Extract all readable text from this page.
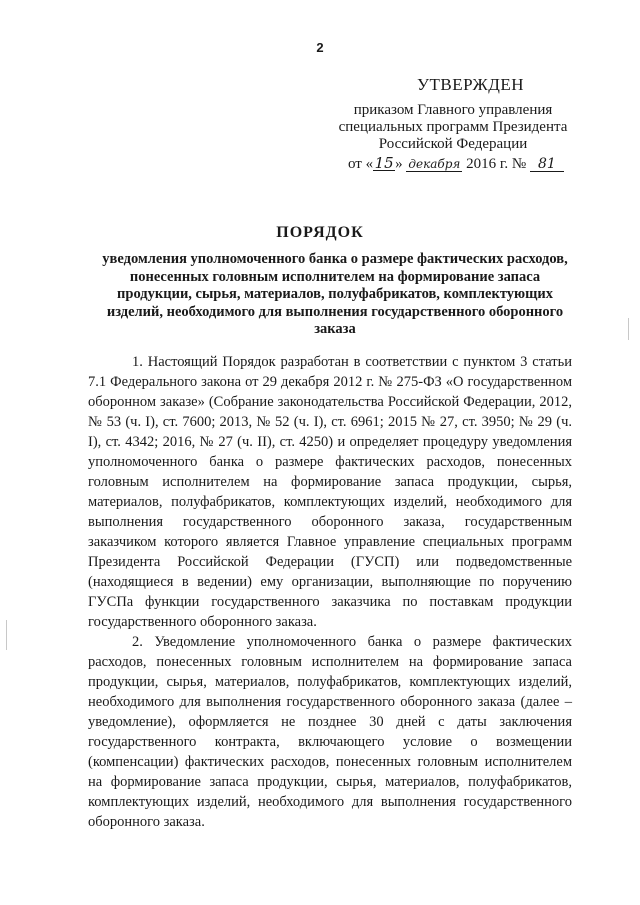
2
УТВЕРЖДЕН
приказом Главного управления специальных программ Президента Российской Федерации
от «15» декабря 2016 г. № 81
ПОРЯДОК
уведомления уполномоченного банка о размере фактических расходов, понесенных головным исполнителем на формирование запаса продукции, сырья, материалов, полуфабрикатов, комплектующих изделий, необходимого для выполнения государственного оборонного заказа

1. Настоящий Порядок разработан в соответствии с пунктом 3 статьи 7.1 Федерального закона от 29 декабря 2012 г. № 275-ФЗ «О государственном оборонном заказе» (Собрание законодательства Российской Федерации, 2012, № 53 (ч. I), ст. 7600; 2013, № 52 (ч. I), ст. 6961; 2015 № 27, ст. 3950; № 29 (ч. I), ст. 4342; 2016, № 27 (ч. II), ст. 4250) и определяет процедуру уведомления уполномоченного банка о размере фактических расходов, понесенных головным исполнителем на формирование запаса продукции, сырья, материалов, полуфабрикатов, комплектующих изделий, необходимого для выполнения государственного оборонного заказа, государственным заказчиком которого является Главное управление специальных программ Президента Российской Федерации (ГУСП) или подведомственные (находящиеся в ведении) ему организации, выполняющие по поручению ГУСПа функции государственного заказчика по поставкам продукции государственного оборонного заказа.

2. Уведомление уполномоченного банка о размере фактических расходов, понесенных головным исполнителем на формирование запаса продукции, сырья, материалов, полуфабрикатов, комплектующих изделий, необходимого для выполнения государственного оборонного заказа (далее – уведомление), оформляется не позднее 30 дней с даты заключения государственного контракта, включающего условие о возмещении (компенсации) фактических расходов, понесенных головным исполнителем на формирование запаса продукции, сырья, материалов, полуфабрикатов, комплектующих изделий, необходимого для выполнения государственного оборонного заказа.
